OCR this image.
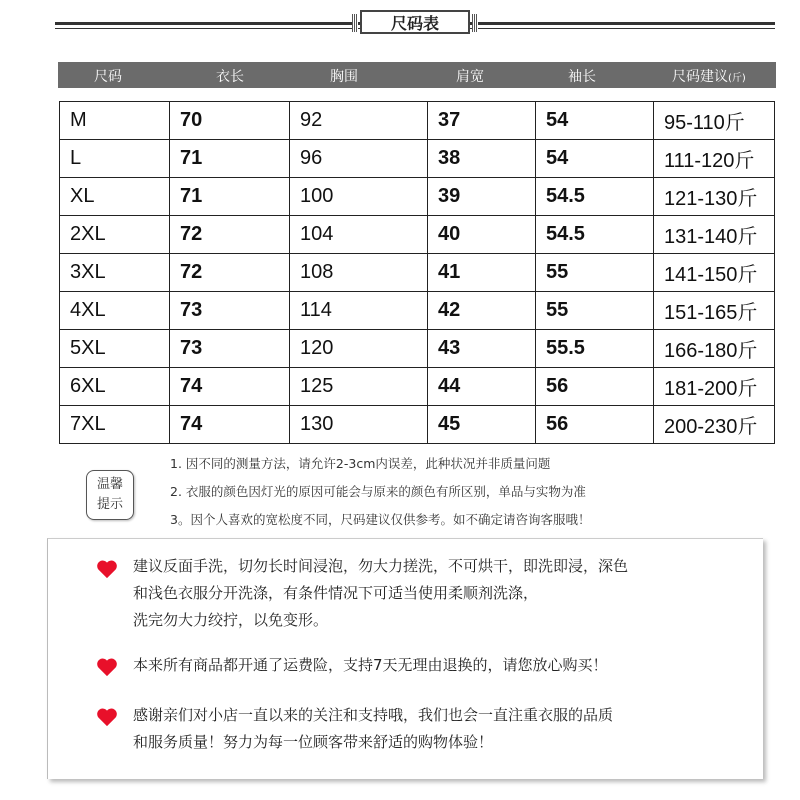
尺码表
尺码	衣长	胸围	肩宽	袖长	尺码建议(斤)
M	70	92	37	54	95-110斤
L	71	96	38	54	111-120斤
XL	71	100	39	54.5	121-130斤
2XL	72	104	40	54.5	131-140斤
3XL	72	108	41	55	141-150斤
4XL	73	114	42	55	151-165斤
5XL	73	120	43	55.5	166-180斤
6XL	74	125	44	56	181-200斤
7XL	74	130	45	56	200-230斤
温馨
提示
1. 因不同的测量方法，请允许2-3cm内误差，此种状况并非质量问题
2. 衣服的颜色因灯光的原因可能会与原来的颜色有所区别，单品与实物为准
3。因个人喜欢的宽松度不同，尺码建议仅供参考。如不确定请咨询客服哦！
建议反面手洗，切勿长时间浸泡，勿大力搓洗，不可烘干，即洗即浸，深色
和浅色衣服分开洗涤，有条件情况下可适当使用柔顺剂洗涤，
洗完勿大力绞拧，以免变形。
本来所有商品都开通了运费险，支持7天无理由退换的，请您放心购买！
感谢亲们对小店一直以来的关注和支持哦，我们也会一直注重衣服的品质
和服务质量！努力为每一位顾客带来舒适的购物体验！
